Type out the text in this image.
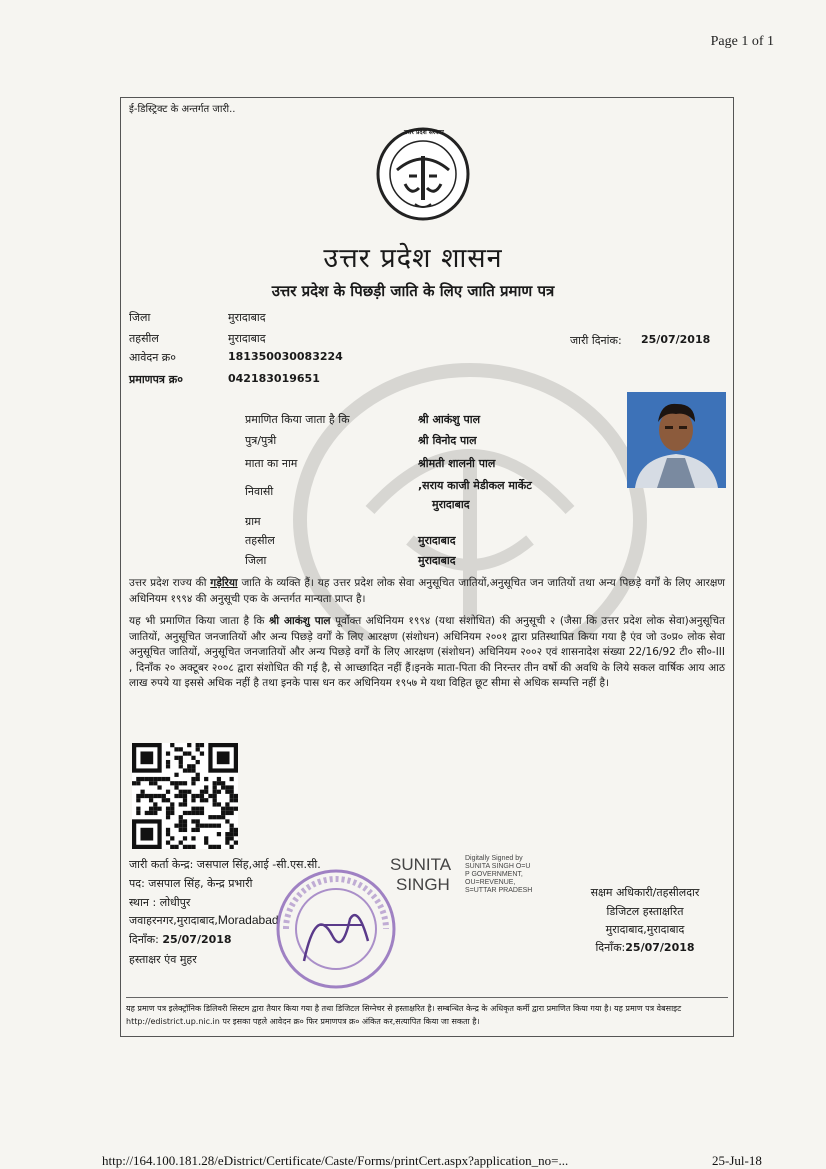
Page 1 of 1
ई-डिस्ट्रिक्ट के अन्तर्गत जारी..
उत्तर प्रदेश सरकार
उत्तर प्रदेश शासन
उत्तर प्रदेश के पिछड़ी जाति के लिए जाति प्रमाण पत्र
जिला	मुरादाबाद
तहसील	मुरादाबाद
आवेदन क्र०	181350030083224
प्रमाणपत्र क्र०	042183019651
जारी दिनांक: 25/07/2018
प्रमाणित किया जाता है कि	श्री आकंशु पाल
पुत्र/पुत्री	श्री विनोद पाल
माता का नाम	श्रीमती शालनी पाल
निवासी	,सराय काजी मेडीकल मार्केट
मुरादाबाद
ग्राम
तहसील	मुरादाबाद
जिला	मुरादाबाद
उत्तर प्रदेश राज्य की गड़ेरिया जाति के व्यक्ति हैं। यह उत्तर प्रदेश लोक सेवा अनुसूचित जातियों,अनुसूचित जन जातियों तथा अन्य पिछड़े वर्गों के लिए आरक्षण अधिनियम १९९४ की अनुसूची एक के अन्तर्गत मान्यता प्राप्त है।
यह भी प्रमाणित किया जाता है कि श्री आकंशु पाल पूर्वोक्त अधिनियम १९९४ (यथा संशोधित) की अनुसूची २ (जैसा कि उत्तर प्रदेश लोक सेवा)अनुसूचित जातियों, अनुसूचित जनजातियों और अन्य पिछड़े वर्गों के लिए आरक्षण (संशोधन) अधिनियम २००१ द्वारा प्रतिस्थापित किया गया है एंव जो उ०प्र० लोक सेवा अनुसूचित जातियों, अनुसूचित जनजातियों और अन्य पिछड़े वर्गों के लिए आरक्षण (संशोधन) अधिनियम २००२ एवं शासनादेश संख्या 22/16/92 टी० सी०-III , दिनाँक २० अक्टूबर २००८ द्वारा संशोधित की गई है, से आच्छादित नहीं हैं।इनके माता-पिता की निरन्तर तीन वर्षो की अवधि के लिये सकल वार्षिक आय आठ लाख रुपये या इससे अधिक नहीं है तथा इनके पास धन कर अधिनियम १९५७ मे यथा विहित छूट सीमा से अधिक सम्पत्ति नहीं है।
जारी कर्ता केन्द्र: जसपाल सिंह,आई -सी.एस.सी.
पद: जसपाल सिंह, केन्द्र प्रभारी
स्थान : लोधीपुर
जवाहरनगर,मुरादाबाद,Moradabad
दिनाँक: 25/07/2018
हस्ताक्षर एंव मुहर
SUNITA
SINGH
Digitally Signed by
SUNITA SINGH O=U
P GOVERNMENT,
OU=REVENUE,
S=UTTAR PRADESH	सक्षम अधिकारी/तहसीलदार
डिजिटल हस्ताक्षरित
मुरादाबाद,मुरादाबाद
दिनाँक:25/07/2018
यह प्रमाण पत्र इलेक्ट्रॉनिक डिलिवरी सिस्टम द्वारा तैयार किया गया है तथा डिजिटल सिग्नेचर से हस्ताक्षरित है। सम्बन्धित केन्द्र के अधिकृत कर्मी द्वारा प्रमाणित किया गया है। यह प्रमाण पत्र वेबसाइट http://edistrict.up.nic.in पर इसका पहले आवेदन क्र० फिर प्रमाणपत्र क्र० अंकित कर,सत्यापित किया जा सकता है।
http://164.100.181.28/eDistrict/Certificate/Caste/Forms/printCert.aspx?application_no=...	25-Jul-18
